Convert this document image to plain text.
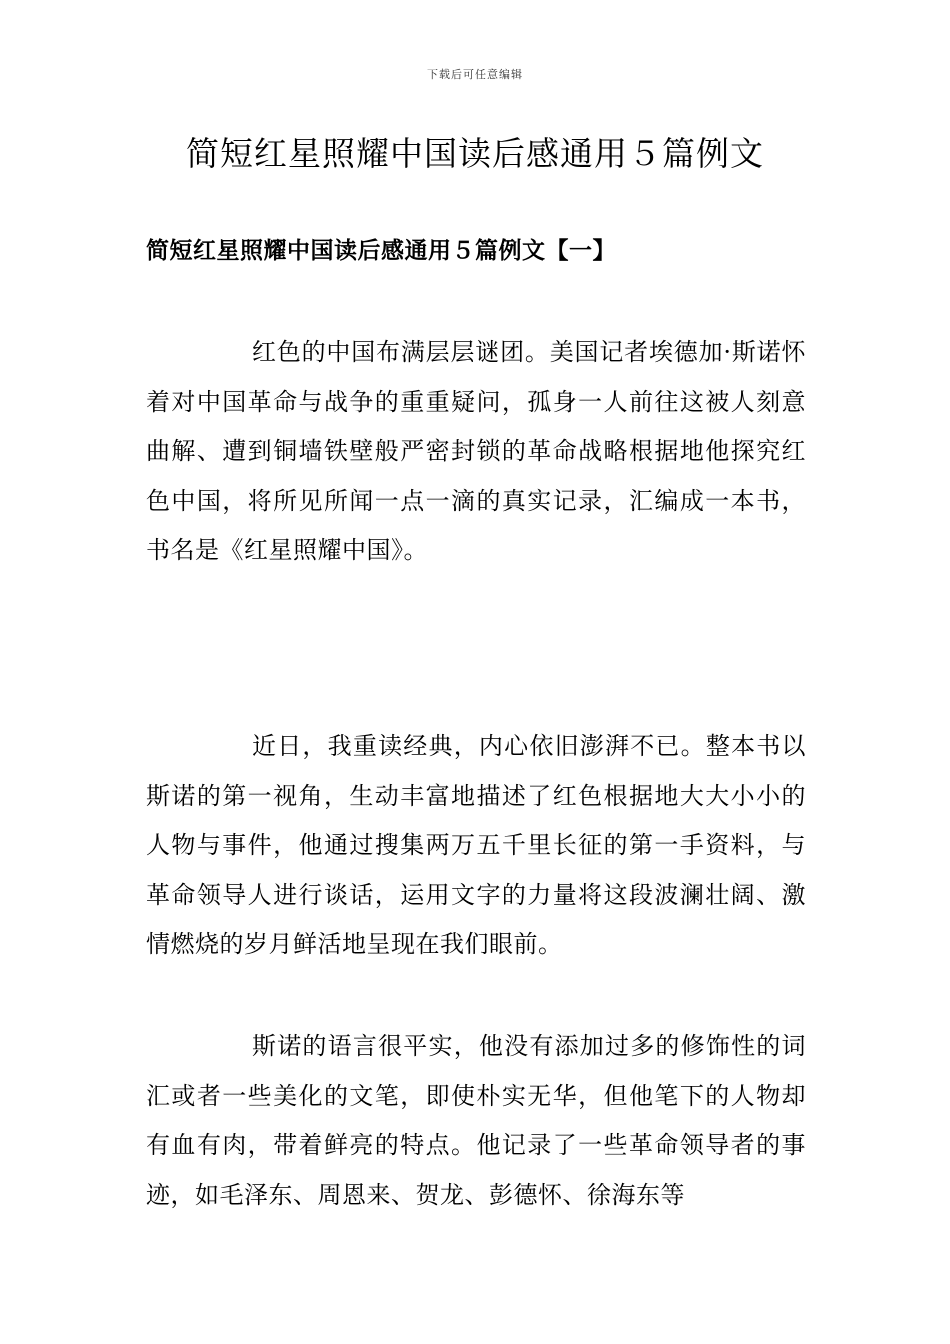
下载后可任意编辑
简短红星照耀中国读后感通用５篇例文
简短红星照耀中国读后感通用５篇例文【一】

红色的中国布满层层谜团。美国记者埃德加·斯诺怀着对中国革命与战争的重重疑问，孤身一人前往这被人刻意曲解、遭到铜墙铁壁般严密封锁的革命战略根据地他探究红色中国，将所见所闻一点一滴的真实记录，汇编成一本书，书名是《红星照耀中国》。

近日，我重读经典，内心依旧澎湃不已。整本书以斯诺的第一视角，生动丰富地描述了红色根据地大大小小的人物与事件，他通过搜集两万五千里长征的第一手资料，与革命领导人进行谈话，运用文字的力量将这段波澜壮阔、激情燃烧的岁月鲜活地呈现在我们眼前。

斯诺的语言很平实，他没有添加过多的修饰性的词汇或者一些美化的文笔，即使朴实无华，但他笔下的人物却有血有肉，带着鲜亮的特点。他记录了一些革命领导者的事迹，如毛泽东、周恩来、贺龙、彭德怀、徐海东等
